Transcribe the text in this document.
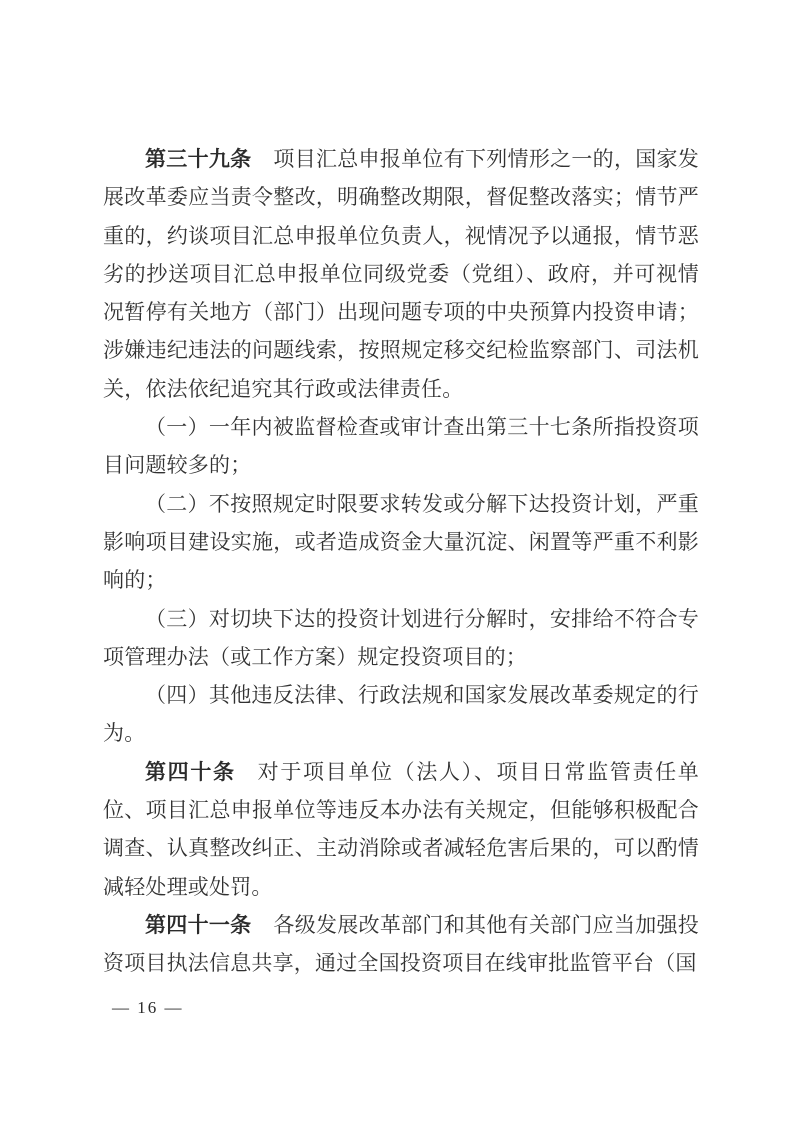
第三十九条 项目汇总申报单位有下列情形之一的，国家发展改革委应当责令整改，明确整改期限，督促整改落实；情节严重的，约谈项目汇总申报单位负责人，视情况予以通报，情节恶劣的抄送项目汇总申报单位同级党委（党组）、政府，并可视情况暂停有关地方（部门）出现问题专项的中央预算内投资申请；涉嫌违纪违法的问题线索，按照规定移交纪检监察部门、司法机关，依法依纪追究其行政或法律责任。

（一）一年内被监督检查或审计查出第三十七条所指投资项目问题较多的；

（二）不按照规定时限要求转发或分解下达投资计划，严重影响项目建设实施，或者造成资金大量沉淀、闲置等严重不利影响的；

（三）对切块下达的投资计划进行分解时，安排给不符合专项管理办法（或工作方案）规定投资项目的；

（四）其他违反法律、行政法规和国家发展改革委规定的行为。

第四十条 对于项目单位（法人）、项目日常监管责任单位、项目汇总申报单位等违反本办法有关规定，但能够积极配合调查、认真整改纠正、主动消除或者减轻危害后果的，可以酌情减轻处理或处罚。

第四十一条 各级发展改革部门和其他有关部门应当加强投资项目执法信息共享，通过全国投资项目在线审批监管平台（国

— 16 —
